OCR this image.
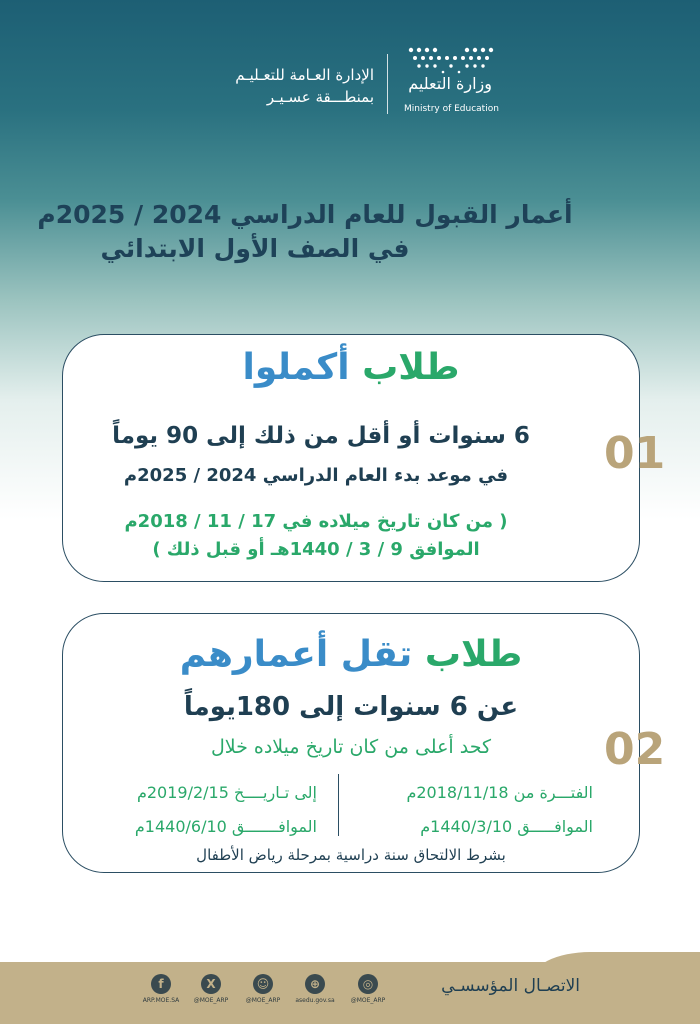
الإدارة العـامة للتعـليـم
بمنطـــقة عسـيـر
وزارة التعليم
Ministry of Education
أعمار القبول للعام الدراسي 2024 / 2025م
في الصف الأول الابتدائي
طلاب أكملوا
6 سنوات أو أقل من ذلك إلى 90 يوماً
في موعد بدء العام الدراسي 2024 / 2025م
( من كان تاريخ ميلاده في 17 / 11 / 2018م
الموافق 9 / 3 / 1440هـ أو قبل ذلك )
01
طلاب تقل أعمارهم
عن 6 سنوات إلى 180يوماً
كحد أعلى من كان تاريخ ميلاده خلال
الفتـــرة من 2018/11/18م
الموافـــــق 1440/3/10م
إلى تـاريــــخ 2019/2/15م
الموافـــــــق 1440/6/10م
بشرط الالتحاق سنة دراسية بمرحلة رياض الأطفال
02
الاتصـال المؤسسـي
◎
@MOE_ARP
⊕
asedu.gov.sa
☺
@MOE_ARP
X
@MOE_ARP
f
ARP.MOE.SA
